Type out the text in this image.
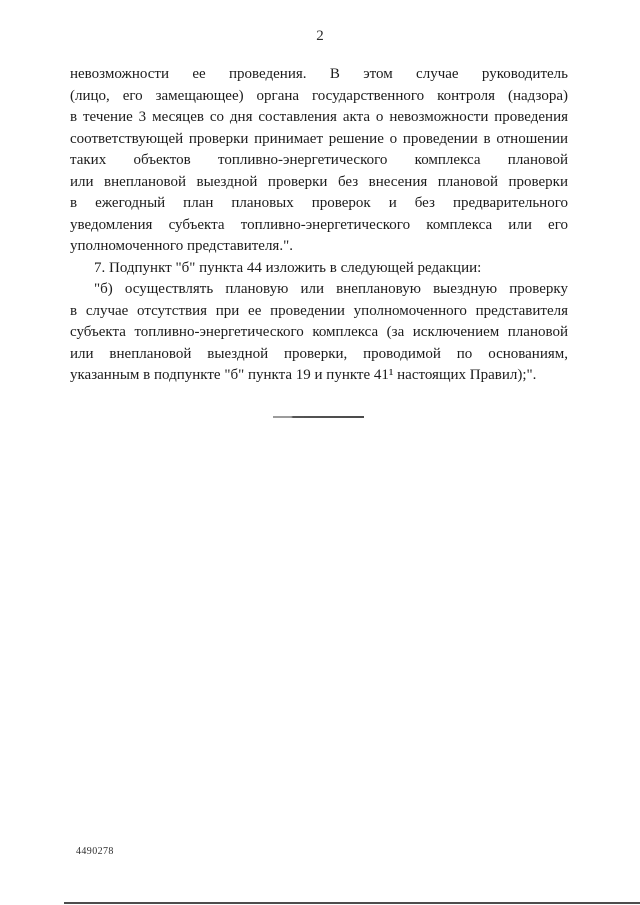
2
невозможности ее проведения. В этом случае руководитель
(лицо, его замещающее) органа государственного контроля (надзора)
в течение 3 месяцев со дня составления акта о невозможности проведения
соответствующей проверки принимает решение о проведении в отношении
таких объектов топливно-энергетического комплекса плановой
или внеплановой выездной проверки без внесения плановой проверки
в ежегодный план плановых проверок и без предварительного
уведомления субъекта топливно-энергетического комплекса или его
уполномоченного представителя.".
7. Подпункт "б" пункта 44 изложить в следующей редакции:
"б) осуществлять плановую или внеплановую выездную проверку
в случае отсутствия при ее проведении уполномоченного представителя
субъекта топливно-энергетического комплекса (за исключением плановой
или внеплановой выездной проверки, проводимой по основаниям,
указанным в подпункте "б" пункта 19 и пункте 41¹ настоящих Правил);".
4490278
